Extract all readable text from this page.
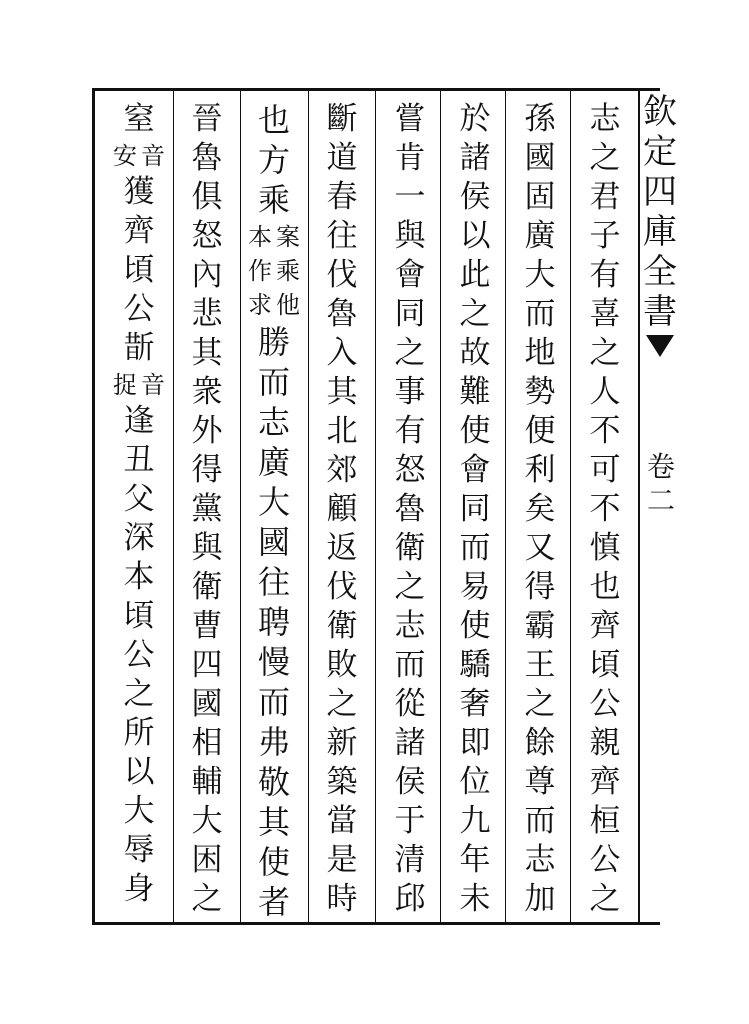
欽定四庫全書
卷二
志之君子有喜之人不可不慎也齊頃公親齊桓公之
孫國固廣大而地勢便利矣又得霸王之餘尊而志加
於諸侯以此之故難使會同而易使驕奢即位九年未
嘗肯一與會同之事有怒魯衛之志而從諸侯于清邱
斷道春往伐魯入其北郊顧返伐衛敗之新築當是時
也方乘
案乘他
本作求
勝而志廣大國往聘慢而弗敬其使者
晉魯俱怒內悲其衆外得黨與衛曹四國相輔大困之
窒
音
安
獲齊頃公斮
音
捉
逢丑父深本頃公之所以大辱身
